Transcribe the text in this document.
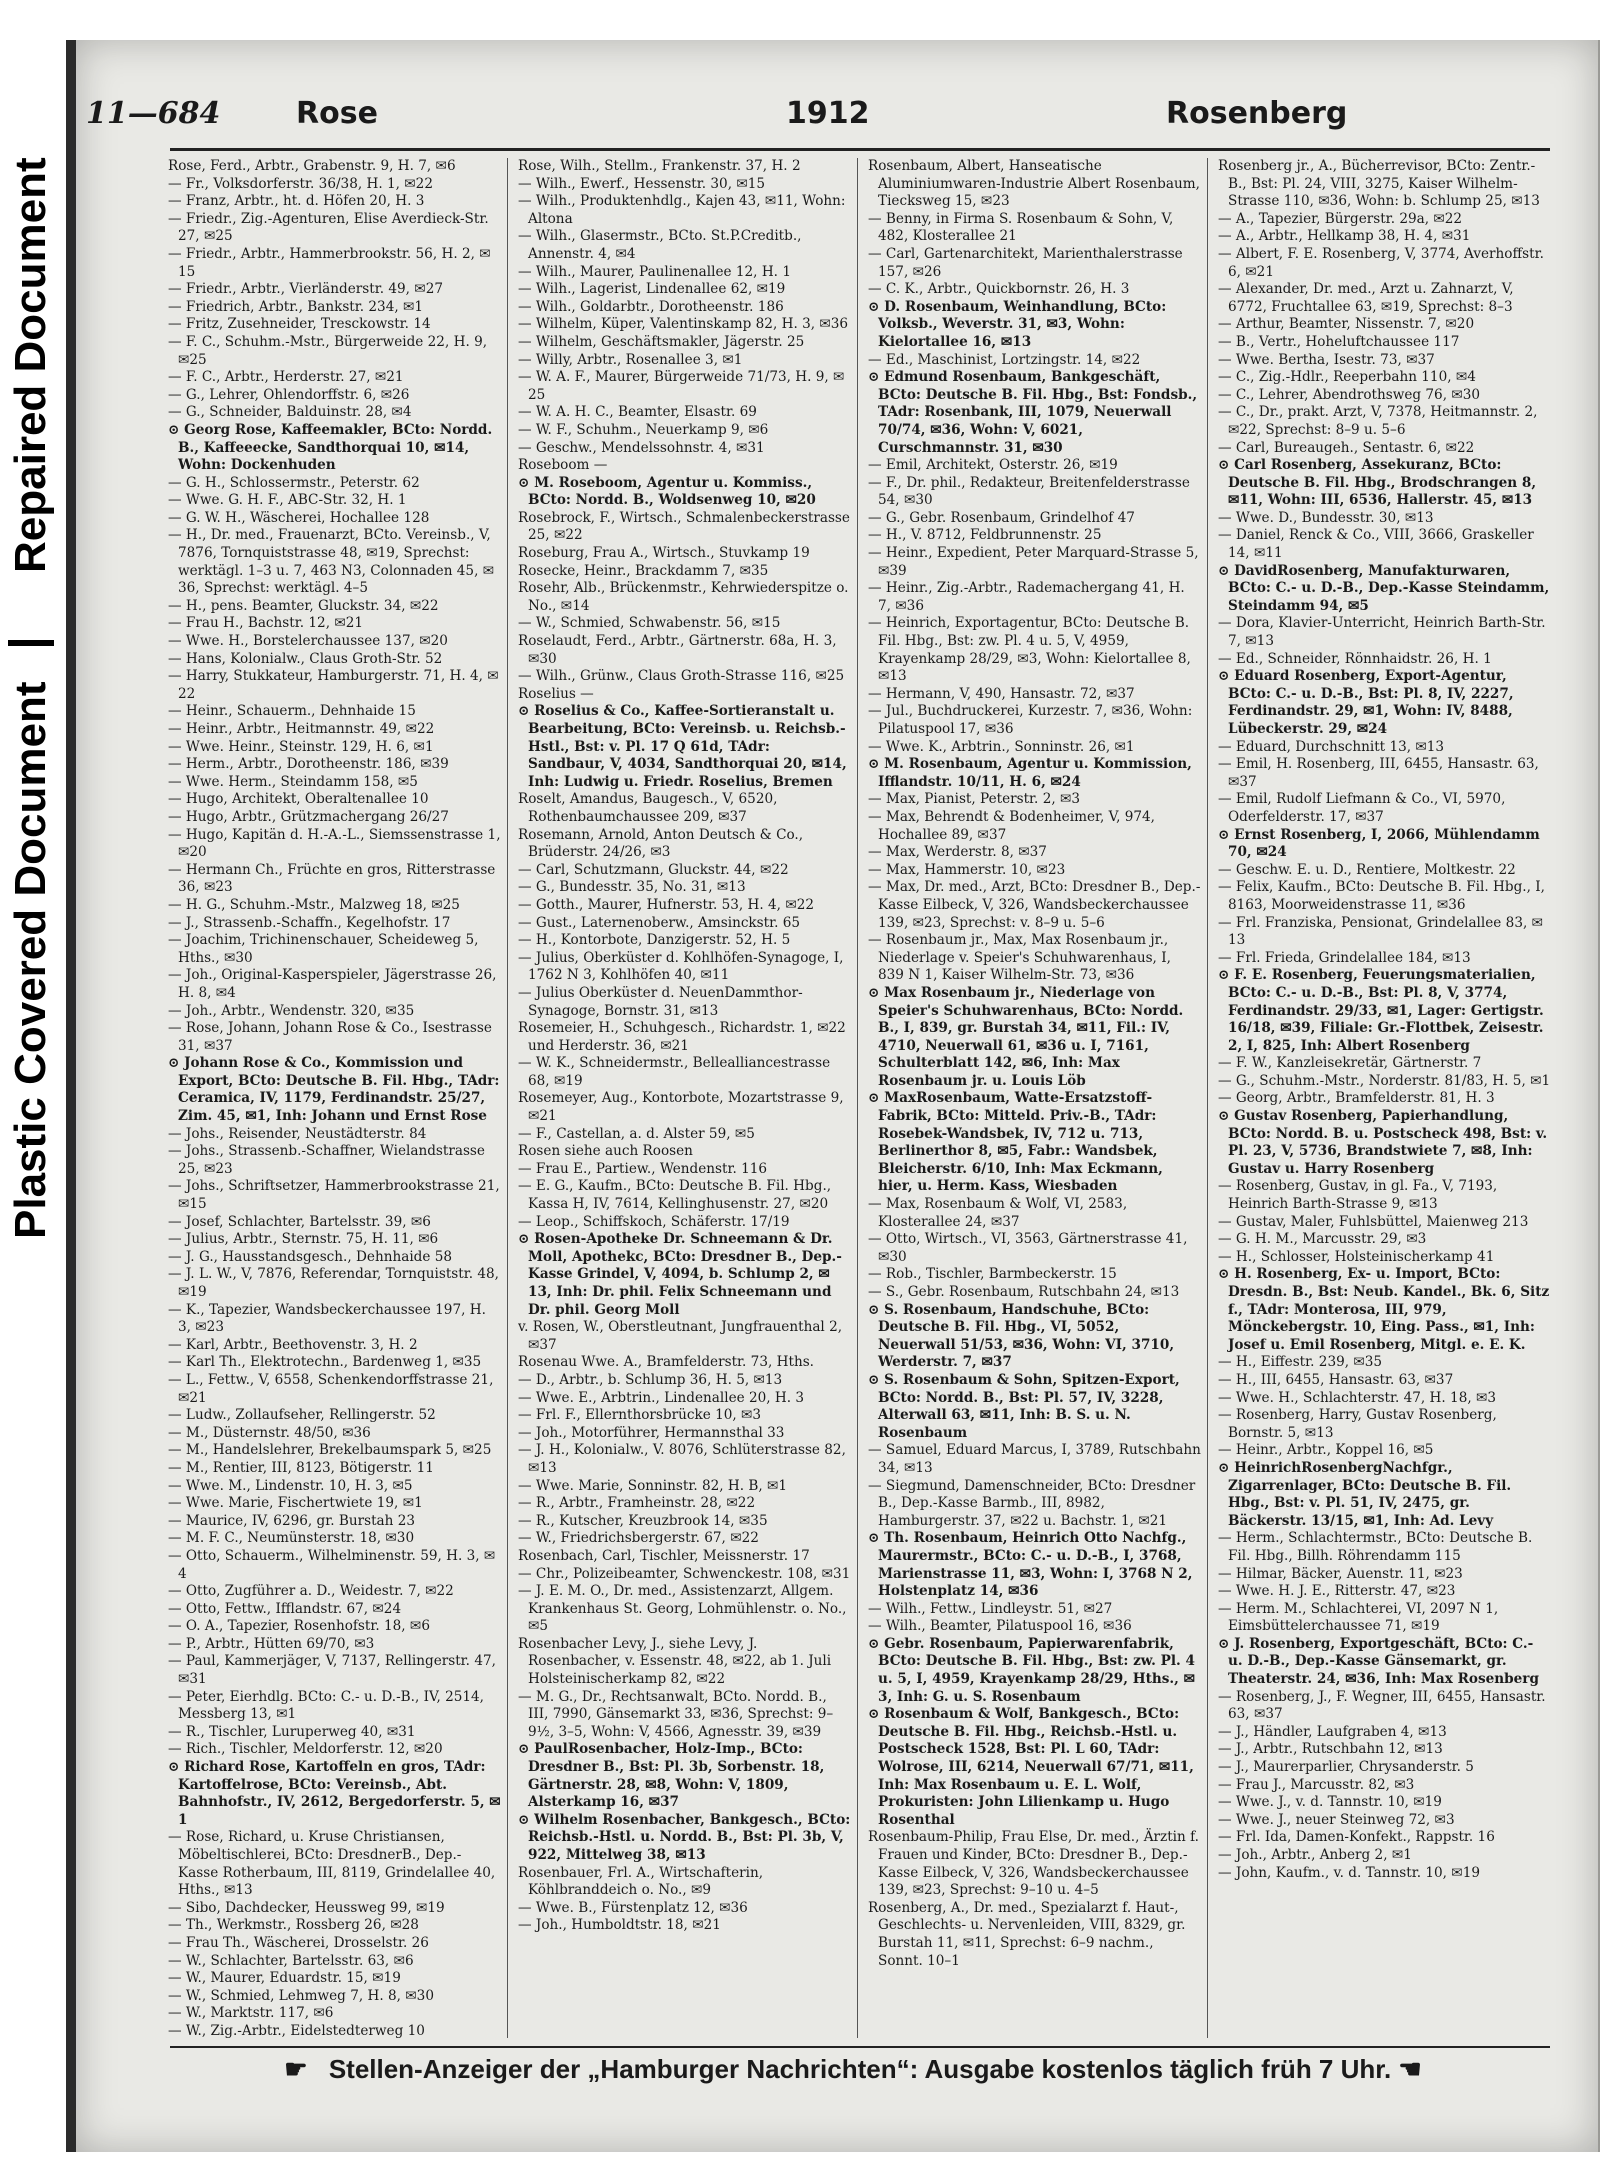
Repaired Document
Plastic Covered Document
11—684	Rose	1912	Rosenberg

Rose, Ferd., Arbtr., Grabenstr. 9, H. 7, ✉6

— Fr., Volksdorferstr. 36/38, H. 1, ✉22

— Franz, Arbtr., ht. d. Höfen 20, H. 3

— Friedr., Zig.-Agenturen, Elise Averdieck-Str. 27, ✉25

— Friedr., Arbtr., Hammerbrookstr. 56, H. 2, ✉15

— Friedr., Arbtr., Vierländerstr. 49, ✉27

— Friedrich, Arbtr., Bankstr. 234, ✉1

— Fritz, Zusehneider, Tresckowstr. 14

— F. C., Schuhm.-Mstr., Bürgerweide 22, H. 9, ✉25

— F. C., Arbtr., Herderstr. 27, ✉21

— G., Lehrer, Ohlendorffstr. 6, ✉26

— G., Schneider, Balduinstr. 28, ✉4

⊙ Georg Rose, Kaffeemakler, BCto: Nordd. B., Kaffeeecke, Sandthorquai 10, ✉14, Wohn: Dockenhuden

— G. H., Schlossermstr., Peterstr. 62

— Wwe. G. H. F., ABC-Str. 32, H. 1

— G. W. H., Wäscherei, Hochallee 128

— H., Dr. med., Frauenarzt, BCto. Vereinsb., V, 7876, Tornquiststrasse 48, ✉19, Sprechst: werktägl. 1–3 u. 7, 463 N3, Colonnaden 45, ✉36, Sprechst: werktägl. 4–5

— H., pens. Beamter, Gluckstr. 34, ✉22

— Frau H., Bachstr. 12, ✉21

— Wwe. H., Borstelerchaussee 137, ✉20

— Hans, Kolonialw., Claus Groth-Str. 52

— Harry, Stukkateur, Hamburgerstr. 71, H. 4, ✉22

— Heinr., Schauerm., Dehnhaide 15

— Heinr., Arbtr., Heitmannstr. 49, ✉22

— Wwe. Heinr., Steinstr. 129, H. 6, ✉1

— Herm., Arbtr., Dorotheenstr. 186, ✉39

— Wwe. Herm., Steindamm 158, ✉5

— Hugo, Architekt, Oberaltenallee 10

— Hugo, Arbtr., Grützmachergang 26/27

— Hugo, Kapitän d. H.-A.-L., Siemssenstrasse 1, ✉20

— Hermann Ch., Früchte en gros, Ritterstrasse 36, ✉23

— H. G., Schuhm.-Mstr., Malzweg 18, ✉25

— J., Strassenb.-Schaffn., Kegelhofstr. 17

— Joachim, Trichinenschauer, Scheideweg 5, Hths., ✉30

— Joh., Original-Kasperspieler, Jägerstrasse 26, H. 8, ✉4

— Joh., Arbtr., Wendenstr. 320, ✉35

— Rose, Johann, Johann Rose & Co., Isestrasse 31, ✉37

⊙ Johann Rose & Co., Kommission und Export, BCto: Deutsche B. Fil. Hbg., TAdr: Ceramica, IV, 1179, Ferdinandstr. 25/27, Zim. 45, ✉1, Inh: Johann und Ernst Rose

— Johs., Reisender, Neustädterstr. 84

— Johs., Strassenb.-Schaffner, Wielandstrasse 25, ✉23

— Johs., Schriftsetzer, Hammerbrookstrasse 21, ✉15

— Josef, Schlachter, Bartelsstr. 39, ✉6

— Julius, Arbtr., Sternstr. 75, H. 11, ✉6

— J. G., Hausstandsgesch., Dehnhaide 58

— J. L. W., V, 7876, Referendar, Tornquiststr. 48, ✉19

— K., Tapezier, Wandsbeckerchaussee 197, H. 3, ✉23

— Karl, Arbtr., Beethovenstr. 3, H. 2

— Karl Th., Elektrotechn., Bardenweg 1, ✉35

— L., Fettw., V, 6558, Schenkendorffstrasse 21, ✉21

— Ludw., Zollaufseher, Rellingerstr. 52

— M., Düsternstr. 48/50, ✉36

— M., Handelslehrer, Brekelbaumspark 5, ✉25

— M., Rentier, III, 8123, Bötigerstr. 11

— Wwe. M., Lindenstr. 10, H. 3, ✉5

— Wwe. Marie, Fischertwiete 19, ✉1

— Maurice, IV, 6296, gr. Burstah 23

— M. F. C., Neumünsterstr. 18, ✉30

— Otto, Schauerm., Wilhelminenstr. 59, H. 3, ✉4

— Otto, Zugführer a. D., Weidestr. 7, ✉22

— Otto, Fettw., Ifflandstr. 67, ✉24

— O. A., Tapezier, Rosenhofstr. 18, ✉6

— P., Arbtr., Hütten 69/70, ✉3

— Paul, Kammerjäger, V, 7137, Rellingerstr. 47, ✉31

— Peter, Eierhdlg. BCto: C.- u. D.-B., IV, 2514, Messberg 13, ✉1

— R., Tischler, Luruperweg 40, ✉31

— Rich., Tischler, Meldorferstr. 12, ✉20

⊙ Richard Rose, Kartoffeln en gros, TAdr: Kartoffelrose, BCto: Vereinsb., Abt. Bahnhofstr., IV, 2612, Bergedorferstr. 5, ✉1

— Rose, Richard, u. Kruse Christiansen, Möbeltischlerei, BCto: DresdnerB., Dep.-Kasse Rotherbaum, III, 8119, Grindelallee 40, Hths., ✉13

— Sibo, Dachdecker, Heussweg 99, ✉19

— Th., Werkmstr., Rossberg 26, ✉28

— Frau Th., Wäscherei, Drosselstr. 26

— W., Schlachter, Bartelsstr. 63, ✉6

— W., Maurer, Eduardstr. 15, ✉19

— W., Schmied, Lehmweg 7, H. 8, ✉30

— W., Marktstr. 117, ✉6

— W., Zig.-Arbtr., Eidelstedterweg 10

Rose, Wilh., Stellm., Frankenstr. 37, H. 2

— Wilh., Ewerf., Hessenstr. 30, ✉15

— Wilh., Produktenhdlg., Kajen 43, ✉11, Wohn: Altona

— Wilh., Glasermstr., BCto. St.P.Creditb., Annenstr. 4, ✉4

— Wilh., Maurer, Paulinenallee 12, H. 1

— Wilh., Lagerist, Lindenallee 62, ✉19

— Wilh., Goldarbtr., Dorotheenstr. 186

— Wilhelm, Küper, Valentinskamp 82, H. 3, ✉36

— Wilhelm, Geschäftsmakler, Jägerstr. 25

— Willy, Arbtr., Rosenallee 3, ✉1

— W. A. F., Maurer, Bürgerweide 71/73, H. 9, ✉25

— W. A. H. C., Beamter, Elsastr. 69

— W. F., Schuhm., Neuerkamp 9, ✉6

— Geschw., Mendelssohnstr. 4, ✉31

Roseboom —

⊙ M. Roseboom, Agentur u. Kommiss., BCto: Nordd. B., Woldsenweg 10, ✉20

Rosebrock, F., Wirtsch., Schmalenbeckerstrasse 25, ✉22

Roseburg, Frau A., Wirtsch., Stuvkamp 19

Rosecke, Heinr., Brackdamm 7, ✉35

Rosehr, Alb., Brückenmstr., Kehrwiederspitze o. No., ✉14

— W., Schmied, Schwabenstr. 56, ✉15

Roselaudt, Ferd., Arbtr., Gärtnerstr. 68a, H. 3, ✉30

— Wilh., Grünw., Claus Groth-Strasse 116, ✉25

Roselius —

⊙ Roselius & Co., Kaffee-Sortieranstalt u. Bearbeitung, BCto: Vereinsb. u. Reichsb.-Hstl., Bst: v. Pl. 17 Q 61d, TAdr: Sandbaur, V, 4034, Sandthorquai 20, ✉14, Inh: Ludwig u. Friedr. Roselius, Bremen

Roselt, Amandus, Baugesch., V, 6520, Rothenbaumchaussee 209, ✉37

Rosemann, Arnold, Anton Deutsch & Co., Brüderstr. 24/26, ✉3

— Carl, Schutzmann, Gluckstr. 44, ✉22

— G., Bundesstr. 35, No. 31, ✉13

— Gotth., Maurer, Hufnerstr. 53, H. 4, ✉22

— Gust., Laternenoberw., Amsinckstr. 65

— H., Kontorbote, Danzigerstr. 52, H. 5

— Julius, Oberküster d. Kohlhöfen-Synagoge, I, 1762 N 3, Kohlhöfen 40, ✉11

— Julius Oberküster d. NeuenDammthor-Synagoge, Bornstr. 31, ✉13

Rosemeier, H., Schuhgesch., Richardstr. 1, ✉22 und Herderstr. 36, ✉21

— W. K., Schneidermstr., Bellealliancestrasse 68, ✉19

Rosemeyer, Aug., Kontorbote, Mozartstrasse 9, ✉21

— F., Castellan, a. d. Alster 59, ✉5

Rosen siehe auch Roosen

— Frau E., Partiew., Wendenstr. 116

— E. G., Kaufm., BCto: Deutsche B. Fil. Hbg., Kassa H, IV, 7614, Kellinghusenstr. 27, ✉20

— Leop., Schiffskoch, Schäferstr. 17/19

⊙ Rosen-Apotheke Dr. Schneemann & Dr. Moll, Apothekc, BCto: Dresdner B., Dep.-Kasse Grindel, V, 4094, b. Schlump 2, ✉13, Inh: Dr. phil. Felix Schneemann und Dr. phil. Georg Moll

v. Rosen, W., Oberstleutnant, Jungfrauenthal 2, ✉37

Rosenau Wwe. A., Bramfelderstr. 73, Hths.

— D., Arbtr., b. Schlump 36, H. 5, ✉13

— Wwe. E., Arbtrin., Lindenallee 20, H. 3

— Frl. F., Ellernthorsbrücke 10, ✉3

— Joh., Motorführer, Hermannsthal 33

— J. H., Kolonialw., V. 8076, Schlüterstrasse 82, ✉13

— Wwe. Marie, Sonninstr. 82, H. B, ✉1

— R., Arbtr., Framheinstr. 28, ✉22

— R., Kutscher, Kreuzbrook 14, ✉35

— W., Friedrichsbergerstr. 67, ✉22

Rosenbach, Carl, Tischler, Meissnerstr. 17

— Chr., Polizeibeamter, Schwenckestr. 108, ✉31

— J. E. M. O., Dr. med., Assistenzarzt, Allgem. Krankenhaus St. Georg, Lohmühlenstr. o. No., ✉5

Rosenbacher Levy, J., siehe Levy, J. Rosenbacher, v. Essenstr. 48, ✉22, ab 1. Juli Holsteinischerkamp 82, ✉22

— M. G., Dr., Rechtsanwalt, BCto. Nordd. B., III, 7990, Gänsemarkt 33, ✉36, Sprechst: 9–9½, 3–5, Wohn: V, 4566, Agnesstr. 39, ✉39

⊙ PaulRosenbacher, Holz-Imp., BCto: Dresdner B., Bst: Pl. 3b, Sorbenstr. 18, Gärtnerstr. 28, ✉8, Wohn: V, 1809, Alsterkamp 16, ✉37

⊙ Wilhelm Rosenbacher, Bankgesch., BCto: Reichsb.-Hstl. u. Nordd. B., Bst: Pl. 3b, V, 922, Mittelweg 38, ✉13

Rosenbauer, Frl. A., Wirtschafterin, Köhlbranddeich o. No., ✉9

— Wwe. B., Fürstenplatz 12, ✉36

— Joh., Humboldtstr. 18, ✉21

Rosenbaum, Albert, Hanseatische Aluminiumwaren-Industrie Albert Rosenbaum, Tiecksweg 15, ✉23

— Benny, in Firma S. Rosenbaum & Sohn, V, 482, Klosterallee 21

— Carl, Gartenarchitekt, Marienthalerstrasse 157, ✉26

— C. K., Arbtr., Quickbornstr. 26, H. 3

⊙ D. Rosenbaum, Weinhandlung, BCto: Volksb., Weverstr. 31, ✉3, Wohn: Kielortallee 16, ✉13

— Ed., Maschinist, Lortzingstr. 14, ✉22

⊙ Edmund Rosenbaum, Bankgeschäft, BCto: Deutsche B. Fil. Hbg., Bst: Fondsb., TAdr: Rosenbank, III, 1079, Neuerwall 70/74, ✉36, Wohn: V, 6021, Curschmannstr. 31, ✉30

— Emil, Architekt, Osterstr. 26, ✉19

— F., Dr. phil., Redakteur, Breitenfelderstrasse 54, ✉30

— G., Gebr. Rosenbaum, Grindelhof 47

— H., V. 8712, Feldbrunnenstr. 25

— Heinr., Expedient, Peter Marquard-Strasse 5, ✉39

— Heinr., Zig.-Arbtr., Rademachergang 41, H. 7, ✉36

— Heinrich, Exportagentur, BCto: Deutsche B. Fil. Hbg., Bst: zw. Pl. 4 u. 5, V, 4959, Krayenkamp 28/29, ✉3, Wohn: Kielortallee 8, ✉13

— Hermann, V, 490, Hansastr. 72, ✉37

— Jul., Buchdruckerei, Kurzestr. 7, ✉36, Wohn: Pilatuspool 17, ✉36

— Wwe. K., Arbtrin., Sonninstr. 26, ✉1

⊙ M. Rosenbaum, Agentur u. Kommission, Ifflandstr. 10/11, H. 6, ✉24

— Max, Pianist, Peterstr. 2, ✉3

— Max, Behrendt & Bodenheimer, V, 974, Hochallee 89, ✉37

— Max, Werderstr. 8, ✉37

— Max, Hammerstr. 10, ✉23

— Max, Dr. med., Arzt, BCto: Dresdner B., Dep.-Kasse Eilbeck, V, 326, Wandsbeckerchaussee 139, ✉23, Sprechst: v. 8–9 u. 5–6

— Rosenbaum jr., Max, Max Rosenbaum jr., Niederlage v. Speier's Schuhwarenhaus, I, 839 N 1, Kaiser Wilhelm-Str. 73, ✉36

⊙ Max Rosenbaum jr., Niederlage von Speier's Schuhwarenhaus, BCto: Nordd. B., I, 839, gr. Burstah 34, ✉11, Fil.: IV, 4710, Neuerwall 61, ✉36 u. I, 7161, Schulterblatt 142, ✉6, Inh: Max Rosenbaum jr. u. Louis Löb

⊙ MaxRosenbaum, Watte-Ersatzstoff-Fabrik, BCto: Mitteld. Priv.-B., TAdr: Rosebek-Wandsbek, IV, 712 u. 713, Berlinerthor 8, ✉5, Fabr.: Wandsbek, Bleicherstr. 6/10, Inh: Max Eckmann, hier, u. Herm. Kass, Wiesbaden

— Max, Rosenbaum & Wolf, VI, 2583, Klosterallee 24, ✉37

— Otto, Wirtsch., VI, 3563, Gärtnerstrasse 41, ✉30

— Rob., Tischler, Barmbeckerstr. 15

— S., Gebr. Rosenbaum, Rutschbahn 24, ✉13

⊙ S. Rosenbaum, Handschuhe, BCto: Deutsche B. Fil. Hbg., VI, 5052, Neuerwall 51/53, ✉36, Wohn: VI, 3710, Werderstr. 7, ✉37

⊙ S. Rosenbaum & Sohn, Spitzen-Export, BCto: Nordd. B., Bst: Pl. 57, IV, 3228, Alterwall 63, ✉11, Inh: B. S. u. N. Rosenbaum

— Samuel, Eduard Marcus, I, 3789, Rutschbahn 34, ✉13

— Siegmund, Damenschneider, BCto: Dresdner B., Dep.-Kasse Barmb., III, 8982, Hamburgerstr. 37, ✉22 u. Bachstr. 1, ✉21

⊙ Th. Rosenbaum, Heinrich Otto Nachfg., Maurermstr., BCto: C.- u. D.-B., I, 3768, Marienstrasse 11, ✉3, Wohn: I, 3768 N 2, Holstenplatz 14, ✉36

— Wilh., Fettw., Lindleystr. 51, ✉27

— Wilh., Beamter, Pilatuspool 16, ✉36

⊙ Gebr. Rosenbaum, Papierwarenfabrik, BCto: Deutsche B. Fil. Hbg., Bst: zw. Pl. 4 u. 5, I, 4959, Krayenkamp 28/29, Hths., ✉3, Inh: G. u. S. Rosenbaum

⊙ Rosenbaum & Wolf, Bankgesch., BCto: Deutsche B. Fil. Hbg., Reichsb.-Hstl. u. Postscheck 1528, Bst: Pl. L 60, TAdr: Wolrose, III, 6214, Neuerwall 67/71, ✉11, Inh: Max Rosenbaum u. E. L. Wolf, Prokuristen: John Lilienkamp u. Hugo Rosenthal

Rosenbaum-Philip, Frau Else, Dr. med., Ärztin f. Frauen und Kinder, BCto: Dresdner B., Dep.-Kasse Eilbeck, V, 326, Wandsbeckerchaussee 139, ✉23, Sprechst: 9–10 u. 4–5

Rosenberg, A., Dr. med., Spezialarzt f. Haut-, Geschlechts- u. Nervenleiden, VIII, 8329, gr. Burstah 11, ✉11, Sprechst: 6–9 nachm., Sonnt. 10–1

Rosenberg jr., A., Bücherrevisor, BCto: Zentr.-B., Bst: Pl. 24, VIII, 3275, Kaiser Wilhelm-Strasse 110, ✉36, Wohn: b. Schlump 25, ✉13

— A., Tapezier, Bürgerstr. 29a, ✉22

— A., Arbtr., Hellkamp 38, H. 4, ✉31

— Albert, F. E. Rosenberg, V, 3774, Averhoffstr. 6, ✉21

— Alexander, Dr. med., Arzt u. Zahnarzt, V, 6772, Fruchtallee 63, ✉19, Sprechst: 8–3

— Arthur, Beamter, Nissenstr. 7, ✉20

— B., Vertr., Hoheluftchaussee 117

— Wwe. Bertha, Isestr. 73, ✉37

— C., Zig.-Hdlr., Reeperbahn 110, ✉4

— C., Lehrer, Abendrothsweg 76, ✉30

— C., Dr., prakt. Arzt, V, 7378, Heitmannstr. 2, ✉22, Sprechst: 8–9 u. 5–6

— Carl, Bureaugeh., Sentastr. 6, ✉22

⊙ Carl Rosenberg, Assekuranz, BCto: Deutsche B. Fil. Hbg., Brodschrangen 8, ✉11, Wohn: III, 6536, Hallerstr. 45, ✉13

— Wwe. D., Bundesstr. 30, ✉13

— Daniel, Renck & Co., VIII, 3666, Graskeller 14, ✉11

⊙ DavidRosenberg, Manufakturwaren, BCto: C.- u. D.-B., Dep.-Kasse Steindamm, Steindamm 94, ✉5

— Dora, Klavier-Unterricht, Heinrich Barth-Str. 7, ✉13

— Ed., Schneider, Rönnhaidstr. 26, H. 1

⊙ Eduard Rosenberg, Export-Agentur, BCto: C.- u. D.-B., Bst: Pl. 8, IV, 2227, Ferdinandstr. 29, ✉1, Wohn: IV, 8488, Lübeckerstr. 29, ✉24

— Eduard, Durchschnitt 13, ✉13

— Emil, H. Rosenberg, III, 6455, Hansastr. 63, ✉37

— Emil, Rudolf Liefmann & Co., VI, 5970, Oderfelderstr. 17, ✉37

⊙ Ernst Rosenberg, I, 2066, Mühlendamm 70, ✉24

— Geschw. E. u. D., Rentiere, Moltkestr. 22

— Felix, Kaufm., BCto: Deutsche B. Fil. Hbg., I, 8163, Moorweidenstrasse 11, ✉36

— Frl. Franziska, Pensionat, Grindelallee 83, ✉13

— Frl. Frieda, Grindelallee 184, ✉13

⊙ F. E. Rosenberg, Feuerungsmaterialien, BCto: C.- u. D.-B., Bst: Pl. 8, V, 3774, Ferdinandstr. 29/33, ✉1, Lager: Gertigstr. 16/18, ✉39, Filiale: Gr.-Flottbek, Zeisestr. 2, I, 825, Inh: Albert Rosenberg

— F. W., Kanzleisekretär, Gärtnerstr. 7

— G., Schuhm.-Mstr., Norderstr. 81/83, H. 5, ✉1

— Georg, Arbtr., Bramfelderstr. 81, H. 3

⊙ Gustav Rosenberg, Papierhandlung, BCto: Nordd. B. u. Postscheck 498, Bst: v. Pl. 23, V, 5736, Brandstwiete 7, ✉8, Inh: Gustav u. Harry Rosenberg

— Rosenberg, Gustav, in gl. Fa., V, 7193, Heinrich Barth-Strasse 9, ✉13

— Gustav, Maler, Fuhlsbüttel, Maienweg 213

— G. H. M., Marcusstr. 29, ✉3

— H., Schlosser, Holsteinischerkamp 41

⊙ H. Rosenberg, Ex- u. Import, BCto: Dresdn. B., Bst: Neub. Kandel., Bk. 6, Sitz f., TAdr: Monterosa, III, 979, Mönckebergstr. 10, Eing. Pass., ✉1, Inh: Josef u. Emil Rosenberg, Mitgl. e. E. K.

— H., Eiffestr. 239, ✉35

— H., III, 6455, Hansastr. 63, ✉37

— Wwe. H., Schlachterstr. 47, H. 18, ✉3

— Rosenberg, Harry, Gustav Rosenberg, Bornstr. 5, ✉13

— Heinr., Arbtr., Koppel 16, ✉5

⊙ HeinrichRosenbergNachfgr., Zigarrenlager, BCto: Deutsche B. Fil. Hbg., Bst: v. Pl. 51, IV, 2475, gr. Bäckerstr. 13/15, ✉1, Inh: Ad. Levy

— Herm., Schlachtermstr., BCto: Deutsche B. Fil. Hbg., Billh. Röhrendamm 115

— Hilmar, Bäcker, Auenstr. 11, ✉23

— Wwe. H. J. E., Ritterstr. 47, ✉23

— Herm. M., Schlachterei, VI, 2097 N 1, Eimsbüttelerchaussee 71, ✉19

⊙ J. Rosenberg, Exportgeschäft, BCto: C.- u. D.-B., Dep.-Kasse Gänsemarkt, gr. Theaterstr. 24, ✉36, Inh: Max Rosenberg

— Rosenberg, J., F. Wegner, III, 6455, Hansastr. 63, ✉37

— J., Händler, Laufgraben 4, ✉13

— J., Arbtr., Rutschbahn 12, ✉13

— J., Maurerparlier, Chrysanderstr. 5

— Frau J., Marcusstr. 82, ✉3

— Wwe. J., v. d. Tannstr. 10, ✉19

— Wwe. J., neuer Steinweg 72, ✉3

— Frl. Ida, Damen-Konfekt., Rappstr. 16

— Joh., Arbtr., Anberg 2, ✉1

— John, Kaufm., v. d. Tannstr. 10, ✉19

☛ Stellen-Anzeiger der „Hamburger Nachrichten“: Ausgabe kostenlos täglich früh 7 Uhr. ☚
